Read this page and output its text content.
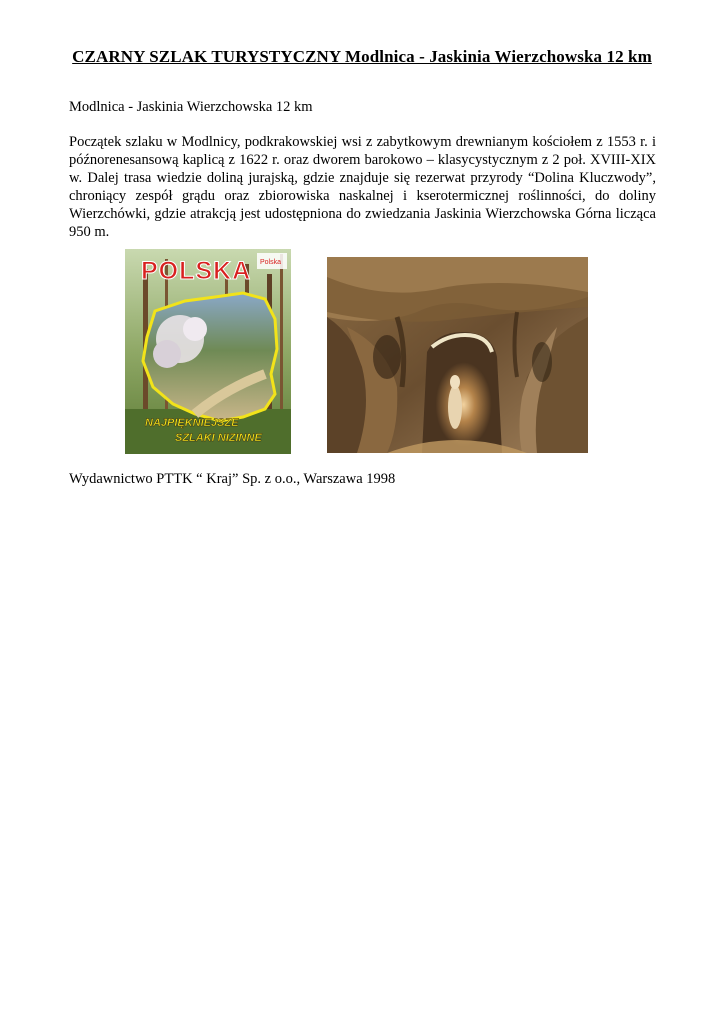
CZARNY SZLAK TURYSTYCZNY Modlnica - Jaskinia Wierzchowska 12 km
Modlnica - Jaskinia Wierzchowska 12 km
Początek szlaku w Modlnicy, podkrakowskiej wsi z zabytkowym drewnianym kościołem z 1553 r. i późnorenesansową kaplicą z 1622 r. oraz dworem barokowo – klasycystycznym z 2 poł. XVIII-XIX w. Dalej trasa wiedzie doliną jurajską, gdzie znajduje się rezerwat przyrody “Dolina Kluczwody”, chroniący zespół grądu oraz zbiorowiska naskalnej i kserotermicznej roślinności, do doliny Wierzchówki, gdzie atrakcją jest udostępniona do zwiedzania Jaskinia Wierzchowska Górna licząca 950 m.
POLSKA Polska
NAJPIĘKNIEJSZE
SZLAKI NIZINNE
Wydawnictwo PTTK “ Kraj” Sp. z o.o., Warszawa 1998
